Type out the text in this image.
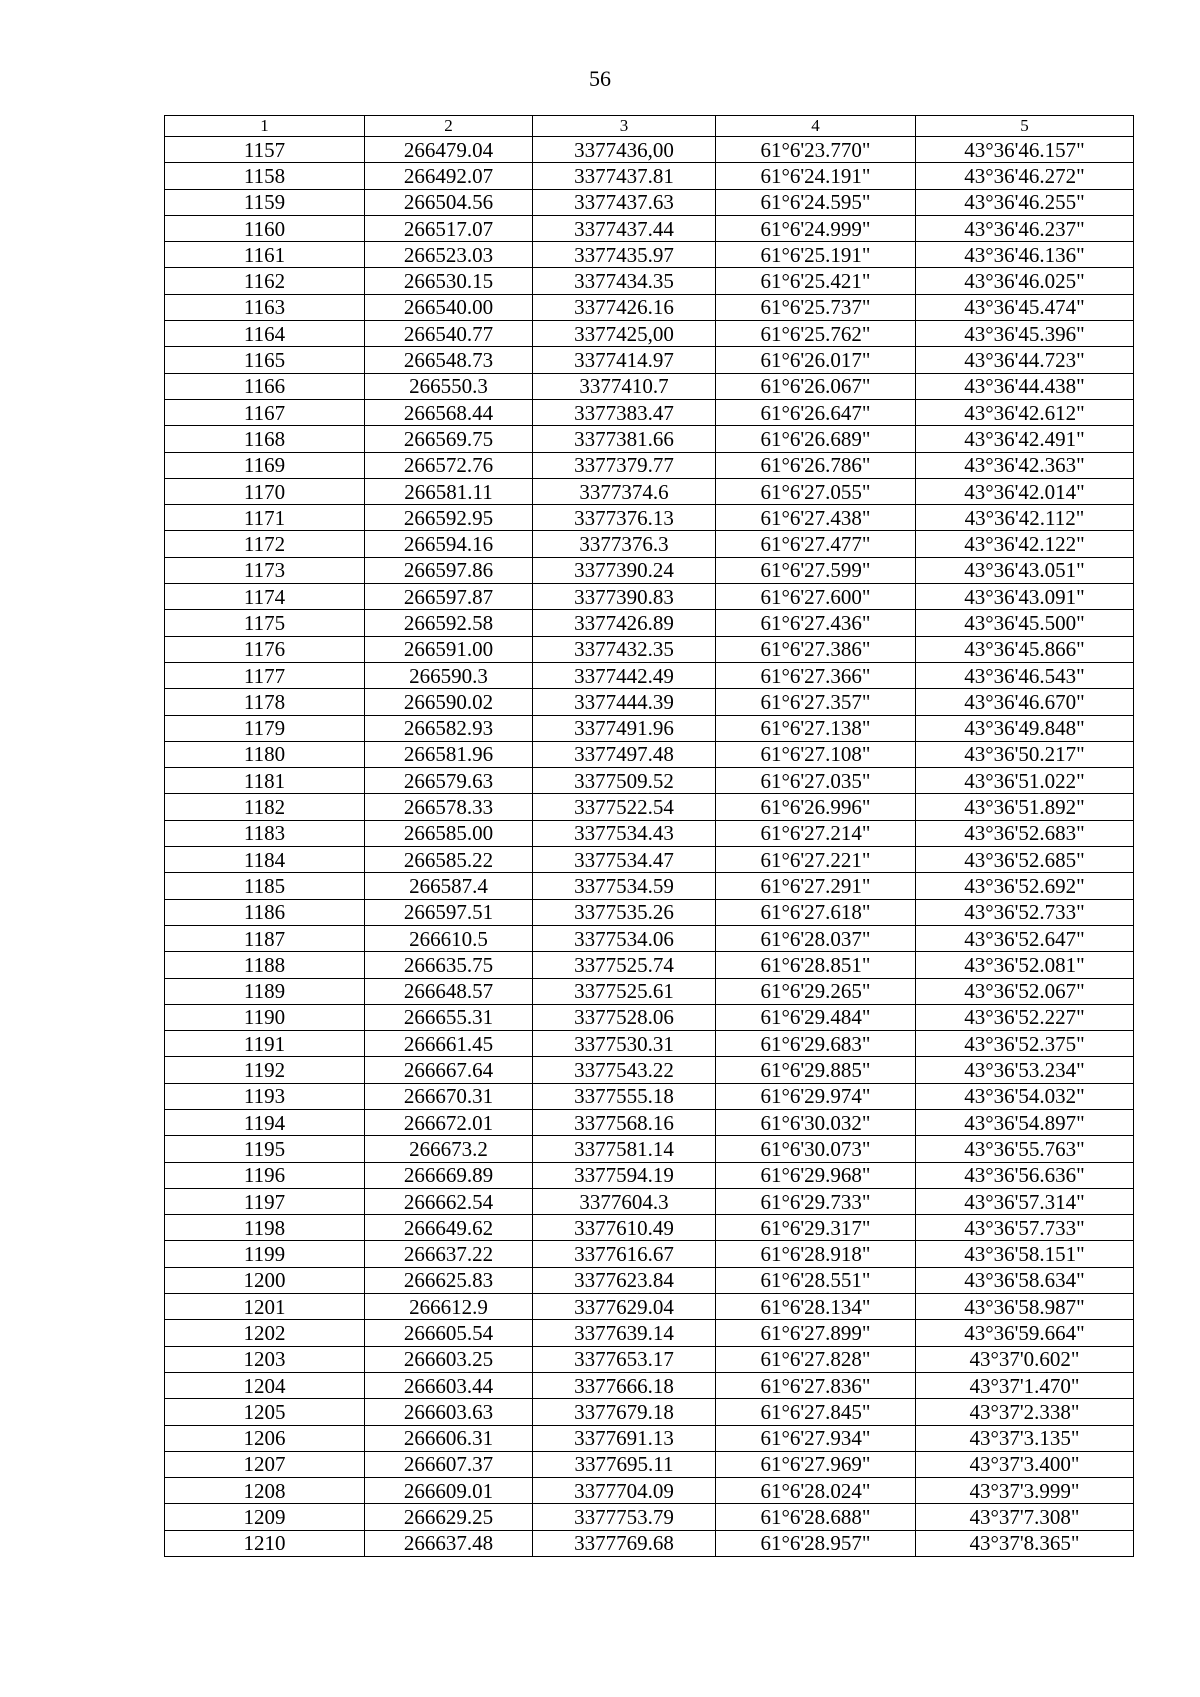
56
1	2	3	4	5
1157	266479.04	3377436,00	61°6'23.770"	43°36'46.157"
1158	266492.07	3377437.81	61°6'24.191"	43°36'46.272"
1159	266504.56	3377437.63	61°6'24.595"	43°36'46.255"
1160	266517.07	3377437.44	61°6'24.999"	43°36'46.237"
1161	266523.03	3377435.97	61°6'25.191"	43°36'46.136"
1162	266530.15	3377434.35	61°6'25.421"	43°36'46.025"
1163	266540.00	3377426.16	61°6'25.737"	43°36'45.474"
1164	266540.77	3377425,00	61°6'25.762"	43°36'45.396"
1165	266548.73	3377414.97	61°6'26.017"	43°36'44.723"
1166	266550.3	3377410.7	61°6'26.067"	43°36'44.438"
1167	266568.44	3377383.47	61°6'26.647"	43°36'42.612"
1168	266569.75	3377381.66	61°6'26.689"	43°36'42.491"
1169	266572.76	3377379.77	61°6'26.786"	43°36'42.363"
1170	266581.11	3377374.6	61°6'27.055"	43°36'42.014"
1171	266592.95	3377376.13	61°6'27.438"	43°36'42.112"
1172	266594.16	3377376.3	61°6'27.477"	43°36'42.122"
1173	266597.86	3377390.24	61°6'27.599"	43°36'43.051"
1174	266597.87	3377390.83	61°6'27.600"	43°36'43.091"
1175	266592.58	3377426.89	61°6'27.436"	43°36'45.500"
1176	266591.00	3377432.35	61°6'27.386"	43°36'45.866"
1177	266590.3	3377442.49	61°6'27.366"	43°36'46.543"
1178	266590.02	3377444.39	61°6'27.357"	43°36'46.670"
1179	266582.93	3377491.96	61°6'27.138"	43°36'49.848"
1180	266581.96	3377497.48	61°6'27.108"	43°36'50.217"
1181	266579.63	3377509.52	61°6'27.035"	43°36'51.022"
1182	266578.33	3377522.54	61°6'26.996"	43°36'51.892"
1183	266585.00	3377534.43	61°6'27.214"	43°36'52.683"
1184	266585.22	3377534.47	61°6'27.221"	43°36'52.685"
1185	266587.4	3377534.59	61°6'27.291"	43°36'52.692"
1186	266597.51	3377535.26	61°6'27.618"	43°36'52.733"
1187	266610.5	3377534.06	61°6'28.037"	43°36'52.647"
1188	266635.75	3377525.74	61°6'28.851"	43°36'52.081"
1189	266648.57	3377525.61	61°6'29.265"	43°36'52.067"
1190	266655.31	3377528.06	61°6'29.484"	43°36'52.227"
1191	266661.45	3377530.31	61°6'29.683"	43°36'52.375"
1192	266667.64	3377543.22	61°6'29.885"	43°36'53.234"
1193	266670.31	3377555.18	61°6'29.974"	43°36'54.032"
1194	266672.01	3377568.16	61°6'30.032"	43°36'54.897"
1195	266673.2	3377581.14	61°6'30.073"	43°36'55.763"
1196	266669.89	3377594.19	61°6'29.968"	43°36'56.636"
1197	266662.54	3377604.3	61°6'29.733"	43°36'57.314"
1198	266649.62	3377610.49	61°6'29.317"	43°36'57.733"
1199	266637.22	3377616.67	61°6'28.918"	43°36'58.151"
1200	266625.83	3377623.84	61°6'28.551"	43°36'58.634"
1201	266612.9	3377629.04	61°6'28.134"	43°36'58.987"
1202	266605.54	3377639.14	61°6'27.899"	43°36'59.664"
1203	266603.25	3377653.17	61°6'27.828"	43°37'0.602"
1204	266603.44	3377666.18	61°6'27.836"	43°37'1.470"
1205	266603.63	3377679.18	61°6'27.845"	43°37'2.338"
1206	266606.31	3377691.13	61°6'27.934"	43°37'3.135"
1207	266607.37	3377695.11	61°6'27.969"	43°37'3.400"
1208	266609.01	3377704.09	61°6'28.024"	43°37'3.999"
1209	266629.25	3377753.79	61°6'28.688"	43°37'7.308"
1210	266637.48	3377769.68	61°6'28.957"	43°37'8.365"
